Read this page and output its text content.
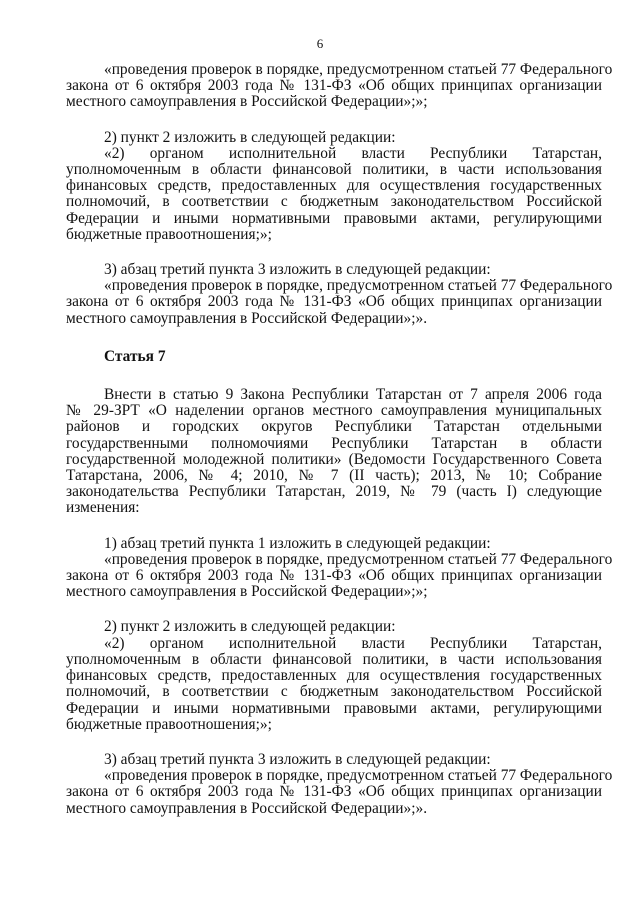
6
«проведения проверок в порядке, предусмотренном статьей 77 Федерального
закона от 6 октября 2003 года № 131-ФЗ «Об общих принципах организации
местного самоуправления в Российской Федерации»;»;
2) пункт 2 изложить в следующей редакции:
«2) органом исполнительной власти Республики Татарстан,
уполномоченным в области финансовой политики, в части использования
финансовых средств, предоставленных для осуществления государственных
полномочий, в соответствии с бюджетным законодательством Российской
Федерации и иными нормативными правовыми актами, регулирующими
бюджетные правоотношения;»;
3) абзац третий пункта 3 изложить в следующей редакции:
«проведения проверок в порядке, предусмотренном статьей 77 Федерального
закона от 6 октября 2003 года № 131-ФЗ «Об общих принципах организации
местного самоуправления в Российской Федерации»;».
Статья 7
Внести в статью 9 Закона Республики Татарстан от 7 апреля 2006 года
№ 29-ЗРТ «О наделении органов местного самоуправления муниципальных
районов и городских округов Республики Татарстан отдельными
государственными полномочиями Республики Татарстан в области
государственной молодежной политики» (Ведомости Государственного Совета
Татарстана, 2006, № 4; 2010, № 7 (II часть); 2013, № 10; Собрание
законодательства Республики Татарстан, 2019, № 79 (часть I) следующие
изменения:
1) абзац третий пункта 1 изложить в следующей редакции:
«проведения проверок в порядке, предусмотренном статьей 77 Федерального
закона от 6 октября 2003 года № 131-ФЗ «Об общих принципах организации
местного самоуправления в Российской Федерации»;»;
2) пункт 2 изложить в следующей редакции:
«2) органом исполнительной власти Республики Татарстан,
уполномоченным в области финансовой политики, в части использования
финансовых средств, предоставленных для осуществления государственных
полномочий, в соответствии с бюджетным законодательством Российской
Федерации и иными нормативными правовыми актами, регулирующими
бюджетные правоотношения;»;
3) абзац третий пункта 3 изложить в следующей редакции:
«проведения проверок в порядке, предусмотренном статьей 77 Федерального
закона от 6 октября 2003 года № 131-ФЗ «Об общих принципах организации
местного самоуправления в Российской Федерации»;».
